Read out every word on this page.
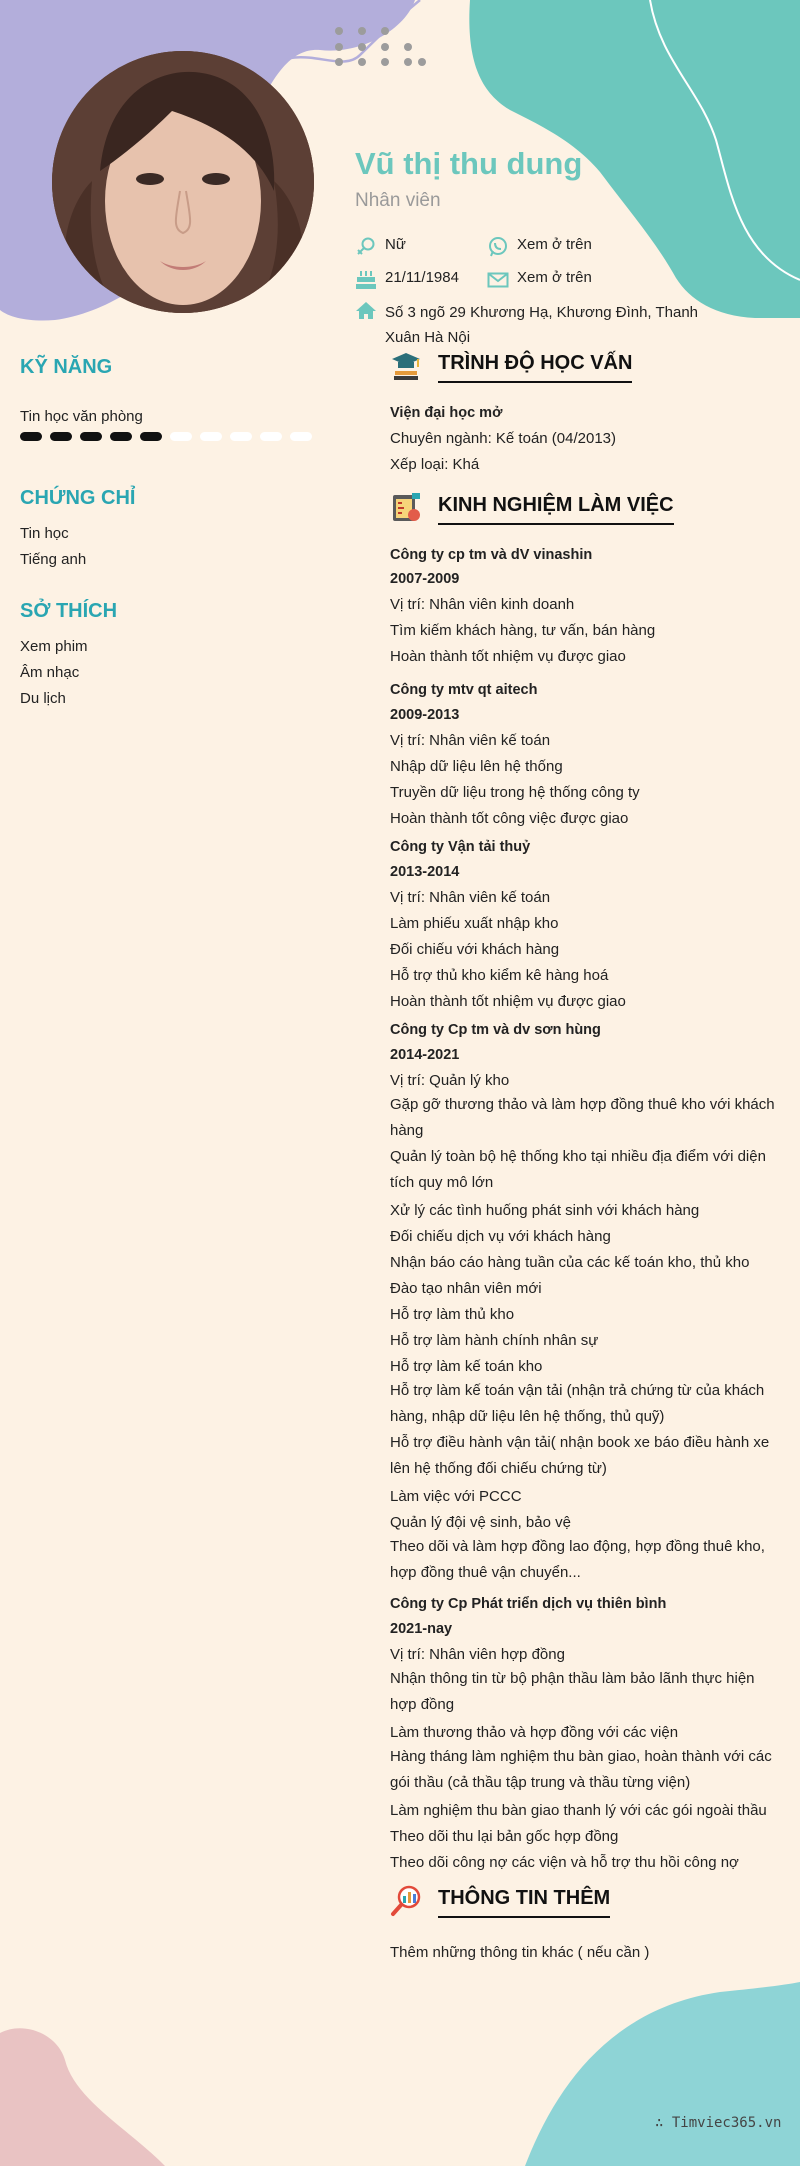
Vũ thị thu dung
Nhân viên
Nữ	Xem ở trên
21/11/1984	Xem ở trên
Số 3 ngõ 29 Khương Hạ, Khương Đình, Thanh Xuân Hà Nội
KỸ NĂNG
Tin học văn phòng
CHỨNG CHỈ
Tin học
Tiếng anh
SỞ THÍCH
Xem phim
Âm nhạc
Du lịch
TRÌNH ĐỘ HỌC VẤN
Viện đại học mở
Chuyên ngành: Kế toán (04/2013)
Xếp loại: Khá
KINH NGHIỆM LÀM VIỆC
Công ty cp tm và dV vinashin
2007-2009
Vị trí: Nhân viên kinh doanh
Tìm kiếm khách hàng, tư vấn, bán hàng
Hoàn thành tốt nhiệm vụ được giao
Công ty mtv qt aitech
2009-2013
Vị trí: Nhân viên kế toán
Nhập dữ liệu lên hệ thống
Truyền dữ liệu trong hệ thống công ty
Hoàn thành tốt công việc được giao
Công ty Vận tải thuỷ
2013-2014
Vị trí: Nhân viên kế toán
Làm phiếu xuất nhập kho
Đối chiếu với khách hàng
Hỗ trợ thủ kho kiểm kê hàng hoá
Hoàn thành tốt nhiệm vụ được giao
Công ty Cp tm và dv sơn hùng
2014-2021
Vị trí: Quản lý kho
Gặp gỡ thương thảo và làm hợp đồng thuê kho với khách hàng
Quản lý toàn bộ hệ thống kho tại nhiều địa điểm với diện tích quy mô lớn
Xử lý các tình huống phát sinh với khách hàng
Đối chiếu dịch vụ với khách hàng
Nhận báo cáo hàng tuần của các kế toán kho, thủ kho
Đào tạo nhân viên mới
Hỗ trợ làm thủ kho
Hỗ trợ làm hành chính nhân sự
Hỗ trợ làm kế toán kho
Hỗ trợ làm kế toán vận tải (nhận trả chứng từ của khách hàng, nhập dữ liệu lên hệ thống, thủ quỹ)
Hỗ trợ điều hành vận tải( nhận book xe báo điều hành xe lên hệ thống đối chiếu chứng từ)
Làm việc với PCCC
Quản lý đội vệ sinh, bảo vệ
Theo dõi và làm hợp đồng lao động, hợp đồng thuê kho, hợp đồng thuê vận chuyển...
Công ty Cp Phát triển dịch vụ thiên bình
2021-nay
Vị trí: Nhân viên hợp đồng
Nhận thông tin từ bộ phận thầu làm bảo lãnh thực hiện hợp đồng
Làm thương thảo và hợp đồng với các viện
Hàng tháng làm nghiệm thu bàn giao, hoàn thành với các gói thầu (cả thầu tập trung và thầu từng viện)
Làm nghiệm thu bàn giao thanh lý với các gói ngoài thầu
Theo dõi thu lại bản gốc hợp đồng
Theo dõi công nợ các viện và hỗ trợ thu hồi công nợ
THÔNG TIN THÊM
Thêm những thông tin khác ( nếu cần )
∴ Timviec365.vn
